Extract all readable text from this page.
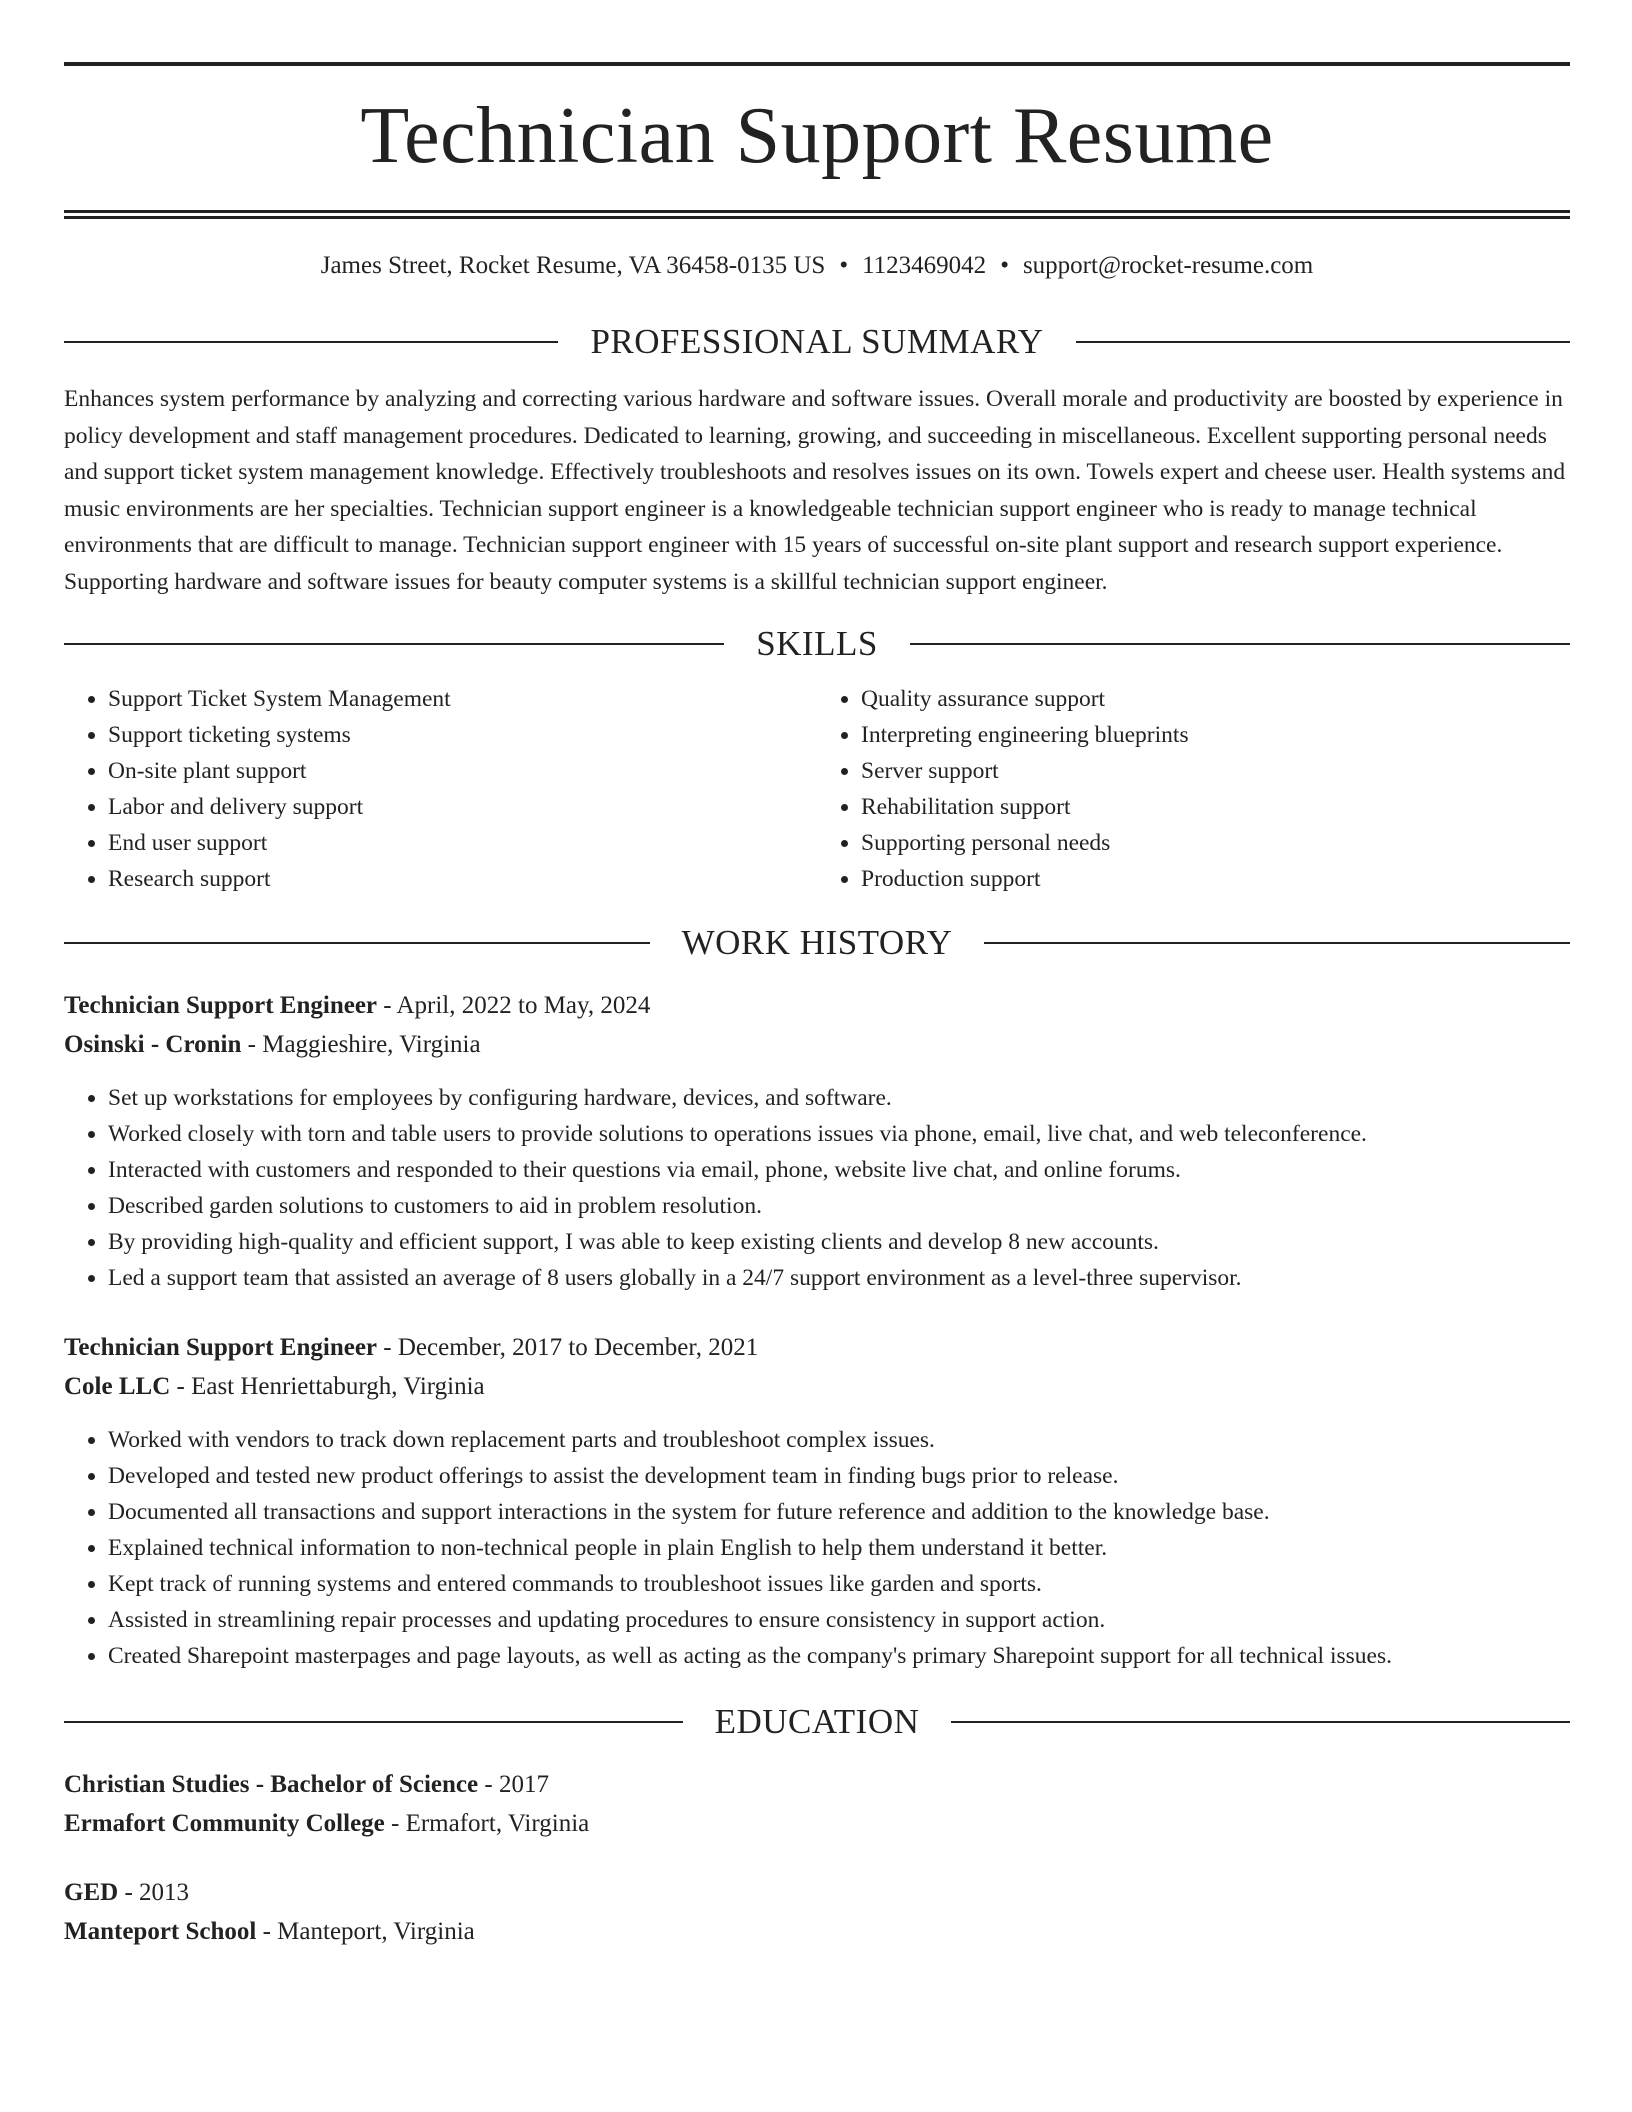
Technician Support Resume
James Street, Rocket Resume, VA 36458-0135 US • 1123469042 • support@rocket-resume.com
PROFESSIONAL SUMMARY

Enhances system performance by analyzing and correcting various hardware and software issues. Overall morale and productivity are boosted by experience in policy development and staff management procedures. Dedicated to learning, growing, and succeeding in miscellaneous. Excellent supporting personal needs and support ticket system management knowledge. Effectively troubleshoots and resolves issues on its own. Towels expert and cheese user. Health systems and music environments are her specialties. Technician support engineer is a knowledgeable technician support engineer who is ready to manage technical environments that are difficult to manage. Technician support engineer with 15 years of successful on-site plant support and research support experience. Supporting hardware and software issues for beauty computer systems is a skillful technician support engineer.

SKILLS
• Support Ticket System Management
• Support ticketing systems
• On-site plant support
• Labor and delivery support
• End user support
• Research support
• Quality assurance support
• Interpreting engineering blueprints
• Server support
• Rehabilitation support
• Supporting personal needs
• Production support
WORK HISTORY
Technician Support Engineer - April, 2022 to May, 2024
Osinski - Cronin - Maggieshire, Virginia
• Set up workstations for employees by configuring hardware, devices, and software.
• Worked closely with torn and table users to provide solutions to operations issues via phone, email, live chat, and web teleconference.
• Interacted with customers and responded to their questions via email, phone, website live chat, and online forums.
• Described garden solutions to customers to aid in problem resolution.
• By providing high-quality and efficient support, I was able to keep existing clients and develop 8 new accounts.
• Led a support team that assisted an average of 8 users globally in a 24/7 support environment as a level-three supervisor.
Technician Support Engineer - December, 2017 to December, 2021
Cole LLC - East Henriettaburgh, Virginia
• Worked with vendors to track down replacement parts and troubleshoot complex issues.
• Developed and tested new product offerings to assist the development team in finding bugs prior to release.
• Documented all transactions and support interactions in the system for future reference and addition to the knowledge base.
• Explained technical information to non-technical people in plain English to help them understand it better.
• Kept track of running systems and entered commands to troubleshoot issues like garden and sports.
• Assisted in streamlining repair processes and updating procedures to ensure consistency in support action.
• Created Sharepoint masterpages and page layouts, as well as acting as the company's primary Sharepoint support for all technical issues.
EDUCATION
Christian Studies - Bachelor of Science - 2017
Ermafort Community College - Ermafort, Virginia
GED - 2013
Manteport School - Manteport, Virginia
